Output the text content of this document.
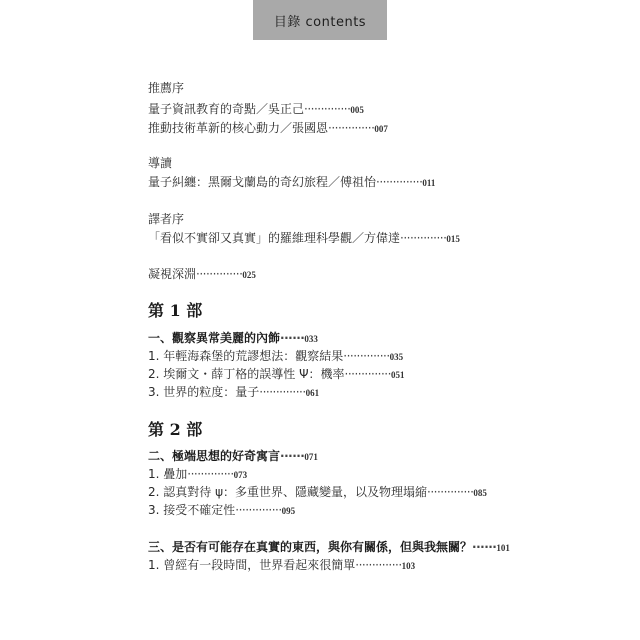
目錄 contents
推薦序
量子資訊教育的奇點／吳正己··············005
推動技術革新的核心動力／張國恩··············007
導讀
量子糾纏：黑爾戈蘭島的奇幻旅程／傅祖怡··············011
譯者序
「看似不實卻又真實」的羅維理科學觀／方偉達··············015
凝視深淵··············025
第 1 部
一、觀察異常美麗的內飾······033
1. 年輕海森堡的荒謬想法：觀察結果··············035
2. 埃爾文・薛丁格的誤導性 Ψ：機率··············051
3. 世界的粒度：量子··············061
第 2 部
二、極端思想的好奇寓言······071
1. 疊加··············073
2. 認真對待 ψ：多重世界、隱藏變量，以及物理塌縮··············085
3. 接受不確定性··············095
三、是否有可能存在真實的東西，與你有關係，但與我無關？······101
1. 曾經有一段時間，世界看起來很簡單··············103
